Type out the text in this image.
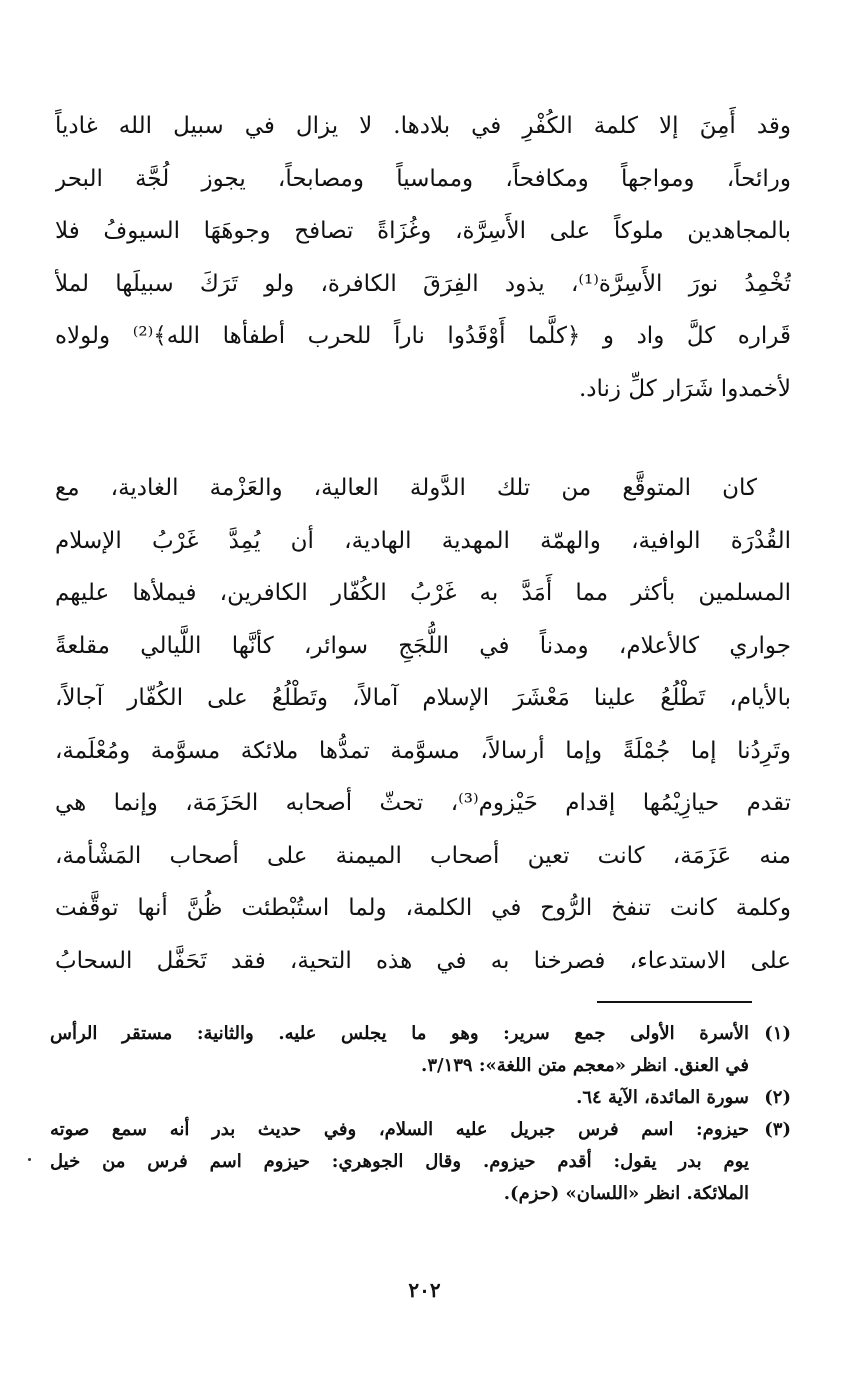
وقد أَمِنَ إلا كلمة الكُفْرِ في بلادها. لا يزال في سبيل الله غادياً
ورائحاً، ومواجهاً ومكافحاً، ومماسياً ومصابحاً، يجوز لُجَّة البحر
بالمجاهدين ملوكاً على الأَسِرَّة، وغُزَاةً تصافح وجوهَهَا السيوفُ فلا
تُخْمِدُ نورَ الأَسِرَّة⁽¹⁾، يذود الفِرَقَ الكافرة، ولو تَرَكَ سبيلَها لملأ
قَراره كلَّ واد و ﴿كلَّما أَوْقَدُوا ناراً للحرب أطفأها الله﴾⁽²⁾ ولولاه
لأخمدوا شَرَار كلِّ زناد.
كان المتوقَّع من تلك الدَّولة العالية، والعَزْمة الغادية، مع
القُدْرَة الوافية، والهمّة المهدية الهادية، أن يُمِدَّ غَرْبُ الإسلام
المسلمين بأكثر مما أَمَدَّ به غَرْبُ الكُفّار الكافرين، فيملأها عليهم
جواري كالأعلام، ومدناً في اللُّجَجِ سوائر، كأنَّها اللَّيالي مقلعةً
بالأيام، تَطْلُعُ علينا مَعْشَرَ الإسلام آمالاً، وتَطْلُعُ على الكُفّار آجالاً،
وتَرِدُنا إما جُمْلَةً وإما أرسالاً، مسوَّمة تمدُّها ملائكة مسوَّمة ومُعْلَمة،
تقدم حيازِيْمُها إقدام حَيْزوم⁽³⁾، تحثّ أصحابه الحَزَمَة، وإنما هي
منه عَزَمَة، كانت تعين أصحاب الميمنة على أصحاب المَشْأمة،
وكلمة كانت تنفخ الرُّوح في الكلمة، ولما استُبْطئت ظُنَّ أنها توقَّفت
على الاستدعاء، فصرخنا به في هذه التحية، فقد تَحَفَّل السحابُ
(١)
الأسرة الأولى جمع سرير: وهو ما يجلس عليه. والثانية: مستقر الرأس
في العنق. انظر «معجم متن اللغة»: ٣/١٣٩.
(٢)
سورة المائدة، الآية ٦٤.
(٣)
حيزوم: اسم فرس جبريل عليه السلام، وفي حديث بدر أنه سمع صوته
يوم بدر يقول: أقدم حيزوم. وقال الجوهري: حيزوم اسم فرس من خيل
الملائكة. انظر «اللسان» (حزم).
٢٠٢
